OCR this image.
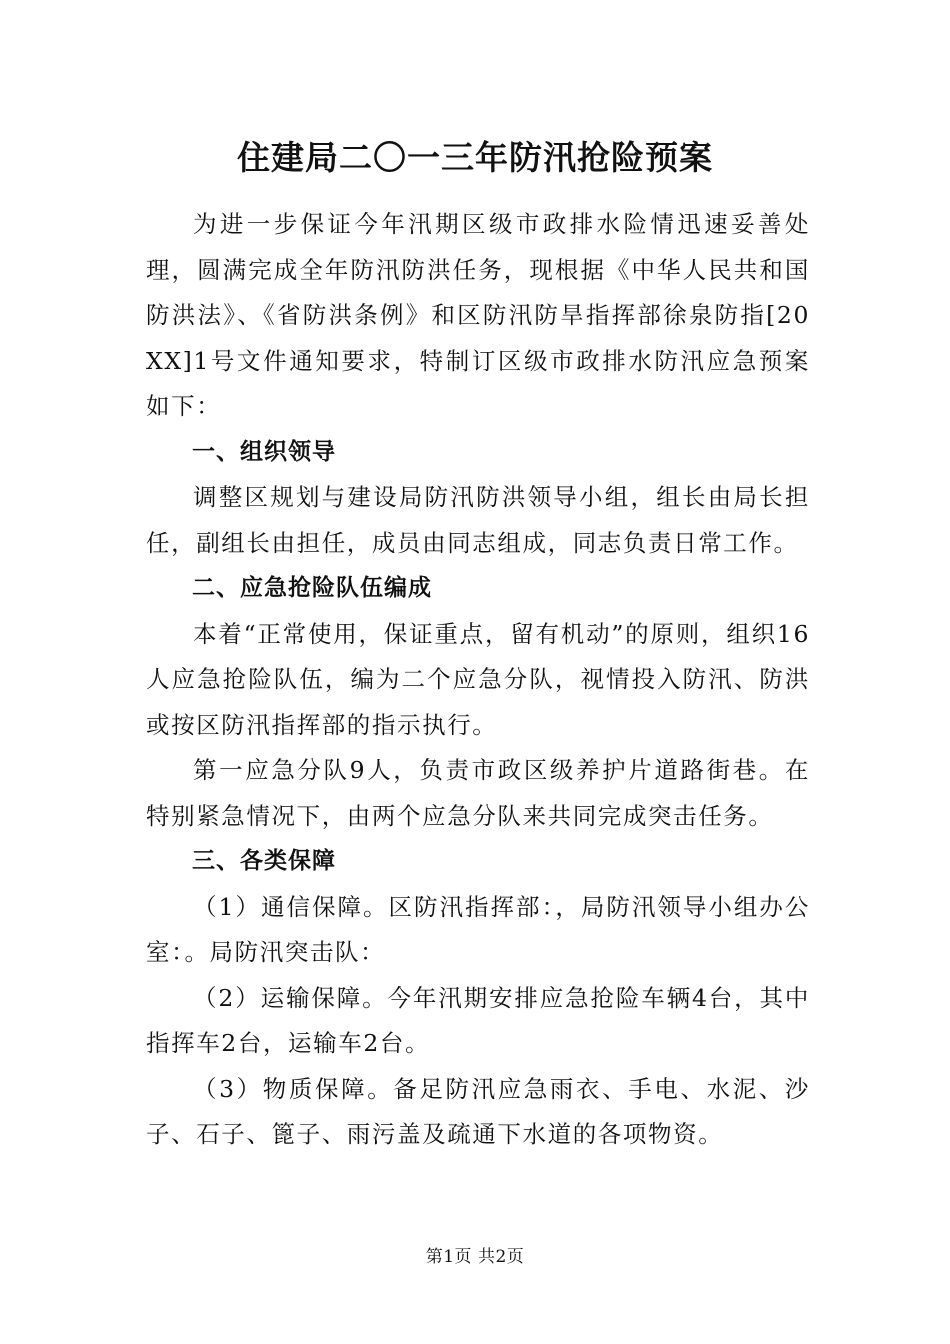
住建局二〇一三年防汛抢险预案

为进一步保证今年汛期区级市政排水险情迅速妥善处理，圆满完成全年防汛防洪任务，现根据《中华人民共和国防洪法》、《省防洪条例》和区防汛防旱指挥部徐泉防指[20XX]1号文件通知要求，特制订区级市政排水防汛应急预案如下：

一、组织领导

调整区规划与建设局防汛防洪领导小组，组长由局长担任，副组长由担任，成员由同志组成，同志负责日常工作。

二、应急抢险队伍编成

本着“正常使用，保证重点，留有机动”的原则，组织16人应急抢险队伍，编为二个应急分队，视情投入防汛、防洪或按区防汛指挥部的指示执行。

第一应急分队9人，负责市政区级养护片道路街巷。在特别紧急情况下，由两个应急分队来共同完成突击任务。

三、各类保障

（1）通信保障。区防汛指挥部：，局防汛领导小组办公室：。局防汛突击队：

（2）运输保障。今年汛期安排应急抢险车辆4台，其中指挥车2台，运输车2台。

（3）物质保障。备足防汛应急雨衣、手电、水泥、沙子、石子、篦子、雨污盖及疏通下水道的各项物资。

第1页 共2页
